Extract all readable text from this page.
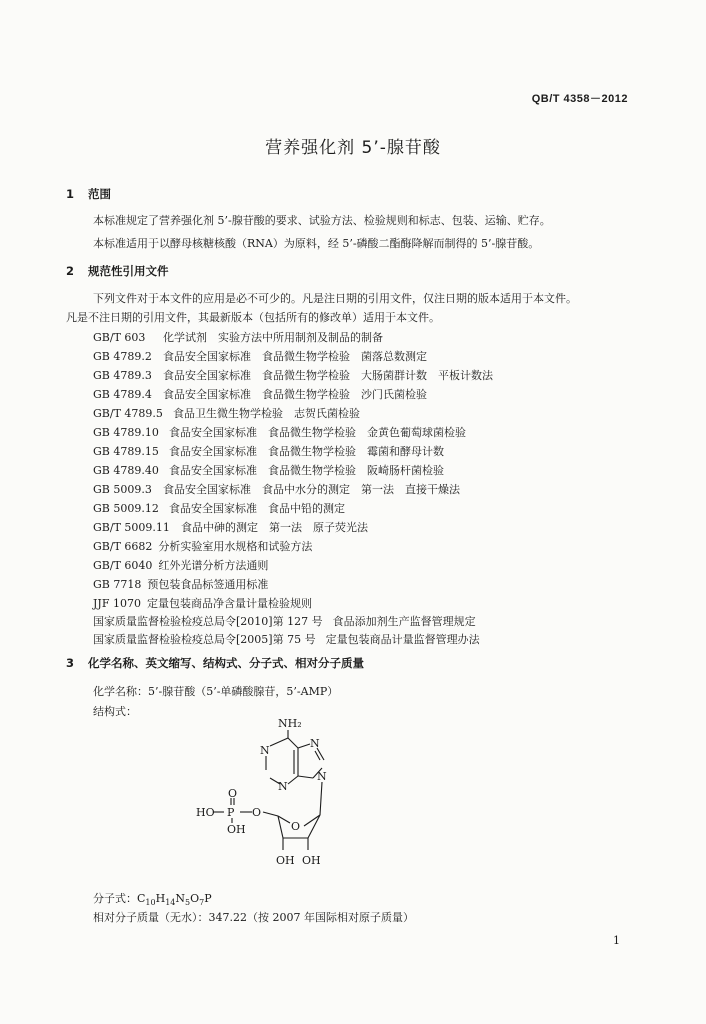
QB/T 4358－2012
营养强化剂 5’-腺苷酸
1 范围
本标准规定了营养强化剂 5’-腺苷酸的要求、试验方法、检验规则和标志、包装、运输、贮存。
本标准适用于以酵母核糖核酸（RNA）为原料，经 5’-磷酸二酯酶降解而制得的 5’-腺苷酸。
2 规范性引用文件
下列文件对于本文件的应用是必不可少的。凡是注日期的引用文件，仅注日期的版本适用于本文件。
凡是不注日期的引用文件，其最新版本（包括所有的修改单）适用于本文件。
GB/T 603 化学试剂　实验方法中所用制剂及制品的制备
GB 4789.2 食品安全国家标准　食品微生物学检验　菌落总数测定
GB 4789.3 食品安全国家标准　食品微生物学检验　大肠菌群计数　平板计数法
GB 4789.4 食品安全国家标准　食品微生物学检验　沙门氏菌检验
GB/T 4789.5 食品卫生微生物学检验　志贺氏菌检验
GB 4789.10 食品安全国家标准　食品微生物学检验　金黄色葡萄球菌检验
GB 4789.15 食品安全国家标准　食品微生物学检验　霉菌和酵母计数
GB 4789.40 食品安全国家标准　食品微生物学检验　阪崎肠杆菌检验
GB 5009.3 食品安全国家标准　食品中水分的测定　第一法　直接干燥法
GB 5009.12 食品安全国家标准　食品中铅的测定
GB/T 5009.11 食品中砷的测定　第一法　原子荧光法
GB/T 6682 分析实验室用水规格和试验方法
GB/T 6040 红外光谱分析方法通则
GB 7718 预包装食品标签通用标准
JJF 1070 定量包装商品净含量计量检验规则
国家质量监督检验检疫总局令[2010]第 127 号 食品添加剂生产监督管理规定
国家质量监督检验检疫总局令[2005]第 75 号 定量包装商品计量监督管理办法
3 化学名称、英文缩写、结构式、分子式、相对分子质量
化学名称：5’-腺苷酸（5’-单磷酸腺苷，5’-AMP）
结构式：
NH₂
N
N
N
N
HO P
O
O
OH	O
OH OH
分子式：$C_{10}H_{14}N_5O_7P$
相对分子质量（无水）：347.22（按 2007 年国际相对原子质量）
1
